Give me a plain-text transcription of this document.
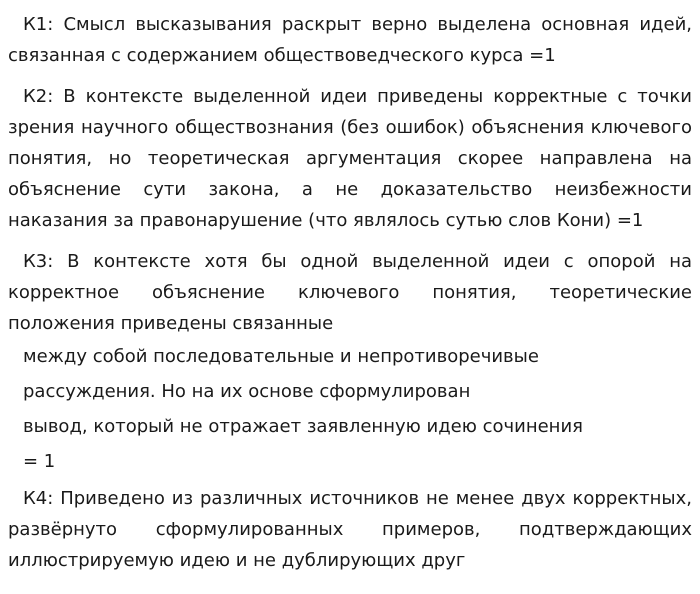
К1: Смысл высказывания раскрыт верно выделена основная идей, связанная с содержанием обществоведческого курса =1

К2: В контексте выделенной идеи приведены корректные с точки зрения научного обществознания (без ошибок) объяснения ключевого понятия, но теоретическая аргументация скорее направлена на объяснение сути закона, а не доказательство неизбежности наказания за правонарушение (что являлось сутью слов Кони) =1

К3: В контексте хотя бы одной выделенной идеи с опорой на корректное объяснение ключевого понятия, теоретические положения приведены связанные

между собой последовательные и непротиворечивые

рассуждения. Но на их основе сформулирован

вывод, который не отражает заявленную идею сочинения

= 1

К4: Приведено из различных источников не менее двух корректных, развёрнуто сформулированных примеров, подтверждающих иллюстрируемую идею и не дублирующих друг
